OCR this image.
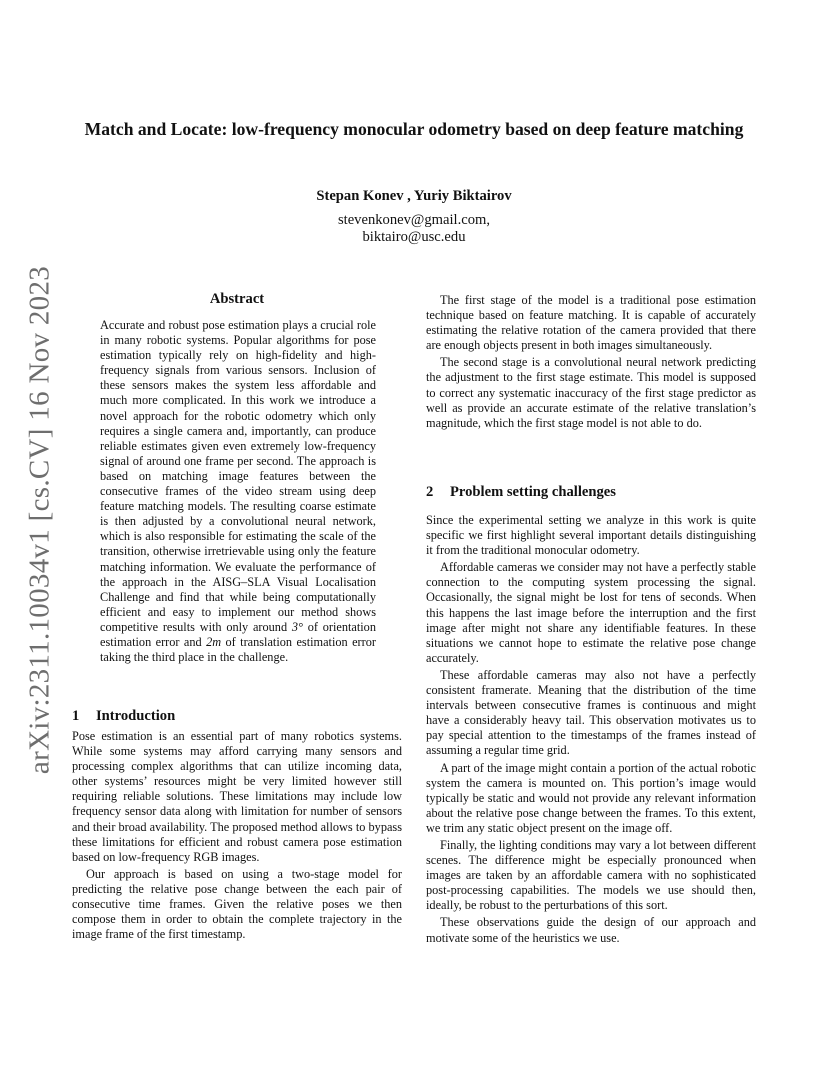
arXiv:2311.10034v1 [cs.CV] 16 Nov 2023
Match and Locate: low-frequency monocular odometry based on deep feature matching
Stepan Konev , Yuriy Biktairov
stevenkonev@gmail.com,
biktairo@usc.edu
Abstract

Accurate and robust pose estimation plays a crucial role in many robotic systems. Popular algorithms for pose estimation typically rely on high-fidelity and high-frequency signals from various sensors. Inclusion of these sensors makes the system less affordable and much more complicated. In this work we introduce a novel approach for the robotic odometry which only requires a single camera and, importantly, can produce reliable estimates given even extremely low-frequency signal of around one frame per second. The approach is based on matching image features between the consecutive frames of the video stream using deep feature matching models. The resulting coarse estimate is then adjusted by a convolutional neural network, which is also responsible for estimating the scale of the transition, otherwise irretrievable using only the feature matching information. We evaluate the performance of the approach in the AISG–SLA Visual Localisation Challenge and find that while being computationally efficient and easy to implement our method shows competitive results with only around 3° of orientation estimation error and 2m of translation estimation error taking the third place in the challenge.

1 Introduction

Pose estimation is an essential part of many robotics systems. While some systems may afford carrying many sensors and processing complex algorithms that can utilize incoming data, other systems’ resources might be very limited however still requiring reliable solutions. These limitations may include low frequency sensor data along with limitation for number of sensors and their broad availability. The proposed method allows to bypass these limitations for efficient and robust camera pose estimation based on low-frequency RGB images.

Our approach is based on using a two-stage model for predicting the relative pose change between the each pair of consecutive time frames. Given the relative poses we then compose them in order to obtain the complete trajectory in the image frame of the first timestamp.

The first stage of the model is a traditional pose estimation technique based on feature matching. It is capable of accurately estimating the relative rotation of the camera provided that there are enough objects present in both images simultaneously.

The second stage is a convolutional neural network predicting the adjustment to the first stage estimate. This model is supposed to correct any systematic inaccuracy of the first stage predictor as well as provide an accurate estimate of the relative translation’s magnitude, which the first stage model is not able to do.

2 Problem setting challenges

Since the experimental setting we analyze in this work is quite specific we first highlight several important details distinguishing it from the traditional monocular odometry.

Affordable cameras we consider may not have a perfectly stable connection to the computing system processing the signal. Occasionally, the signal might be lost for tens of seconds. When this happens the last image before the interruption and the first image after might not share any identifiable features. In these situations we cannot hope to estimate the relative pose change accurately.

These affordable cameras may also not have a perfectly consistent framerate. Meaning that the distribution of the time intervals between consecutive frames is continuous and might have a considerably heavy tail. This observation motivates us to pay special attention to the timestamps of the frames instead of assuming a regular time grid.

A part of the image might contain a portion of the actual robotic system the camera is mounted on. This portion’s image would typically be static and would not provide any relevant information about the relative pose change between the frames. To this extent, we trim any static object present on the image off.

Finally, the lighting conditions may vary a lot between different scenes. The difference might be especially pronounced when images are taken by an affordable camera with no sophisticated post-processing capabilities. The models we use should then, ideally, be robust to the perturbations of this sort.

These observations guide the design of our approach and motivate some of the heuristics we use.
